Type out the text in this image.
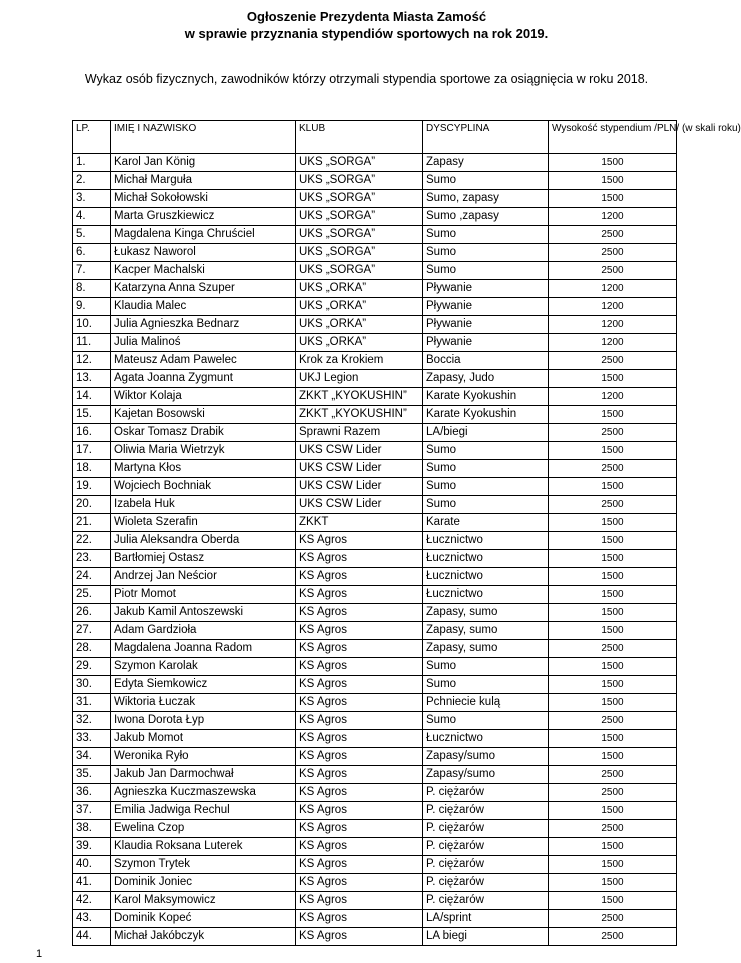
Ogłoszenie Prezydenta Miasta Zamość
w sprawie przyznania stypendiów sportowych na rok 2019.
Wykaz osób fizycznych, zawodników którzy otrzymali stypendia sportowe za osiągnięcia w roku 2018.
LP.	IMIĘ I NAZWISKO	KLUB	DYSCYPLINA	Wysokość stypendium /PLN/ (w skali roku)
1.	Karol Jan König	UKS „SORGA”	Zapasy	1500
2.	Michał Marguła	UKS „SORGA”	Sumo	1500
3.	Michał Sokołowski	UKS „SORGA”	Sumo, zapasy	1500
4.	Marta Gruszkiewicz	UKS „SORGA”	Sumo ,zapasy	1200
5.	Magdalena Kinga Chruściel	UKS „SORGA”	Sumo	2500
6.	Łukasz Naworol	UKS „SORGA”	Sumo	2500
7.	Kacper Machalski	UKS „SORGA”	Sumo	2500
8.	Katarzyna Anna Szuper	UKS „ORKA”	Pływanie	1200
9.	Klaudia Malec	UKS „ORKA”	Pływanie	1200
10.	Julia Agnieszka Bednarz	UKS „ORKA”	Pływanie	1200
11.	Julia Malinoś	UKS „ORKA”	Pływanie	1200
12.	Mateusz Adam Pawelec	Krok za Krokiem	Boccia	2500
13.	Agata Joanna Zygmunt	UKJ Legion	Zapasy, Judo	1500
14.	Wiktor Kolaja	ZKKT „KYOKUSHIN”	Karate Kyokushin	1200
15.	Kajetan Bosowski	ZKKT „KYOKUSHIN”	Karate Kyokushin	1500
16.	Oskar Tomasz Drabik	Sprawni Razem	LA/biegi	2500
17.	Oliwia Maria Wietrzyk	UKS CSW Lider	Sumo	1500
18.	Martyna Kłos	UKS CSW Lider	Sumo	2500
19.	Wojciech Bochniak	UKS CSW Lider	Sumo	1500
20.	Izabela Huk	UKS CSW Lider	Sumo	2500
21.	Wioleta Szerafin	ZKKT	Karate	1500
22.	Julia Aleksandra Oberda	KS Agros	Łucznictwo	1500
23.	Bartłomiej Ostasz	KS Agros	Łucznictwo	1500
24.	Andrzej Jan Neścior	KS Agros	Łucznictwo	1500
25.	Piotr Momot	KS Agros	Łucznictwo	1500
26.	Jakub Kamil Antoszewski	KS Agros	Zapasy, sumo	1500
27.	Adam Gardzioła	KS Agros	Zapasy, sumo	1500
28.	Magdalena Joanna Radom	KS Agros	Zapasy, sumo	2500
29.	Szymon Karolak	KS Agros	Sumo	1500
30.	Edyta Siemkowicz	KS Agros	Sumo	1500
31.	Wiktoria Łuczak	KS Agros	Pchniecie kulą	1500
32.	Iwona Dorota Łyp	KS Agros	Sumo	2500
33.	Jakub Momot	KS Agros	Łucznictwo	1500
34.	Weronika Ryło	KS Agros	Zapasy/sumo	1500
35.	Jakub Jan Darmochwał	KS Agros	Zapasy/sumo	2500
36.	Agnieszka Kuczmaszewska	KS Agros	P. ciężarów	2500
37.	Emilia Jadwiga Rechul	KS Agros	P. ciężarów	1500
38.	Ewelina Czop	KS Agros	P. ciężarów	2500
39.	Klaudia Roksana Luterek	KS Agros	P. ciężarów	1500
40.	Szymon Trytek	KS Agros	P. ciężarów	1500
41.	Dominik Joniec	KS Agros	P. ciężarów	1500
42.	Karol Maksymowicz	KS Agros	P. ciężarów	1500
43.	Dominik Kopeć	KS Agros	LA/sprint	2500
44.	Michał Jakóbczyk	KS Agros	LA biegi	2500
1
